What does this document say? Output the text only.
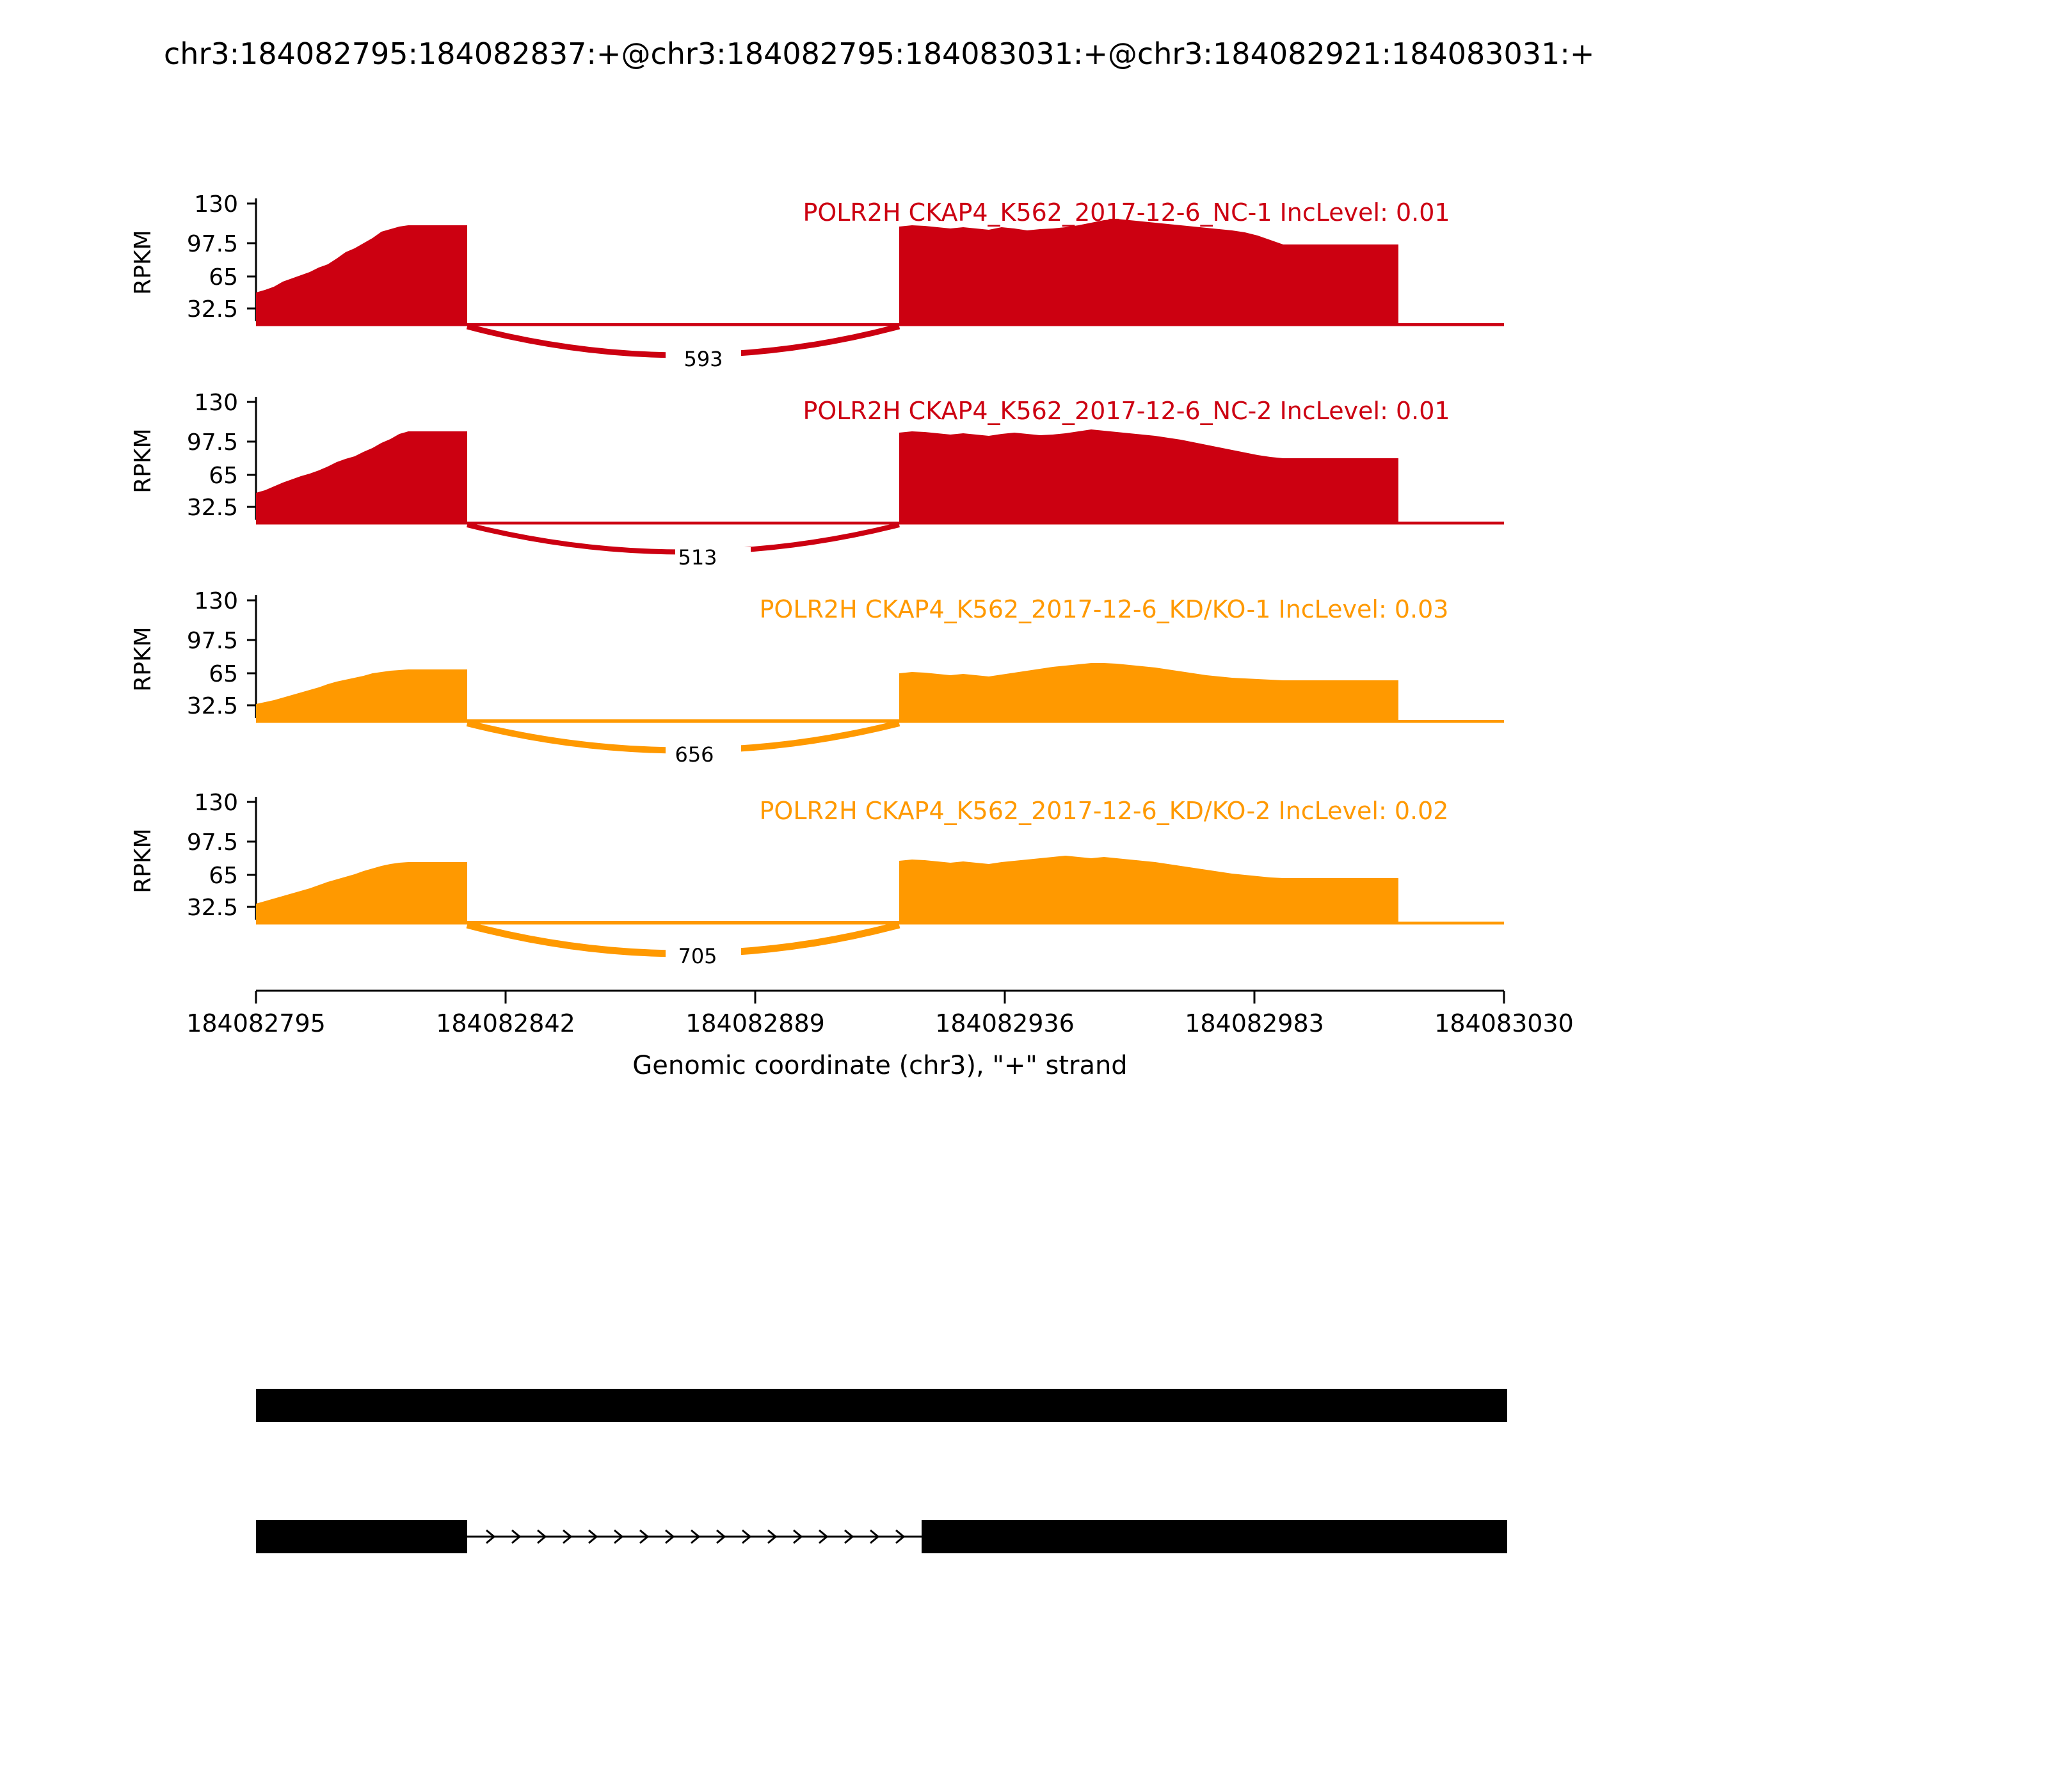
chr3:184082795:184082837:+@chr3:184082795:184083031:+@chr3:184082921:184083031:+
130
97.5
65
32.5
RPKM
593
POLR2H CKAP4_K562_2017-12-6_NC-1 IncLevel: 0.01
130
97.5
65
32.5
RPKM
513
POLR2H CKAP4_K562_2017-12-6_NC-2 IncLevel: 0.01
130
97.5
65
32.5
RPKM
656
POLR2H CKAP4_K562_2017-12-6_KD/KO-1 IncLevel: 0.03
130
97.5
65
32.5
RPKM
705
POLR2H CKAP4_K562_2017-12-6_KD/KO-2 IncLevel: 0.02
184082795	184082842	184082889	184082936	184082983	184083030
Genomic coordinate (chr3), "+" strand
